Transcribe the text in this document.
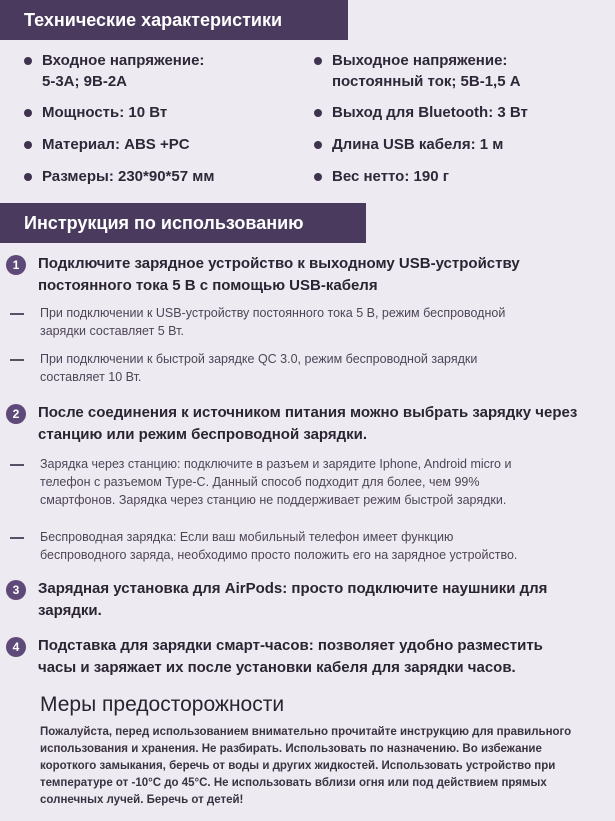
Технические характеристики
Входное напряжение:
5-3A; 9B-2A
Выходное напряжение:
постоянный ток; 5В-1,5 А
Мощность: 10 Вт	Выход для Bluetooth: 3 Вт
Материал: ABS +PC	Длина USB кабеля: 1 м
Размеры: 230*90*57 мм	Вес нетто: 190 г
Инструкция по использованию
1	Подключите зарядное устройство к выходному USB-устройству
постоянного тока 5 В с помощью USB-кабеля
При подключении к USB-устройству постоянного тока 5 В, режим беспроводной
зарядки составляет 5 Вт.
При подключении к быстрой зарядке QC 3.0, режим беспроводной зарядки
составляет 10 Вт.
2	После соединения к источником питания можно выбрать зарядку через
станцию или режим беспроводной зарядки.
Зарядка через станцию: подключите в разъем и зарядите Iphone, Android micro и
телефон с разъемом Type-C. Данный способ подходит для более, чем 99%
смартфонов. Зарядка через станцию не поддерживает режим быстрой зарядки.
Беспроводная зарядка: Если ваш мобильный телефон имеет функцию
беспроводного заряда, необходимо просто положить его на зарядное устройство.
3	Зарядная установка для AirPods: просто подключите наушники для
зарядки.
4	Подставка для зарядки смарт-часов: позволяет удобно разместить
часы и заряжает их после установки кабеля для зарядки часов.
Меры предосторожности
Пожалуйста, перед использованием внимательно прочитайте инструкцию для правильного
использования и хранения. Не разбирать. Использовать по назначению. Во избежание
короткого замыкания, беречь от воды и других жидкостей. Использовать устройство при
температуре от -10°C до 45°C. Не использовать вблизи огня или под действием прямых
солнечных лучей. Беречь от детей!
